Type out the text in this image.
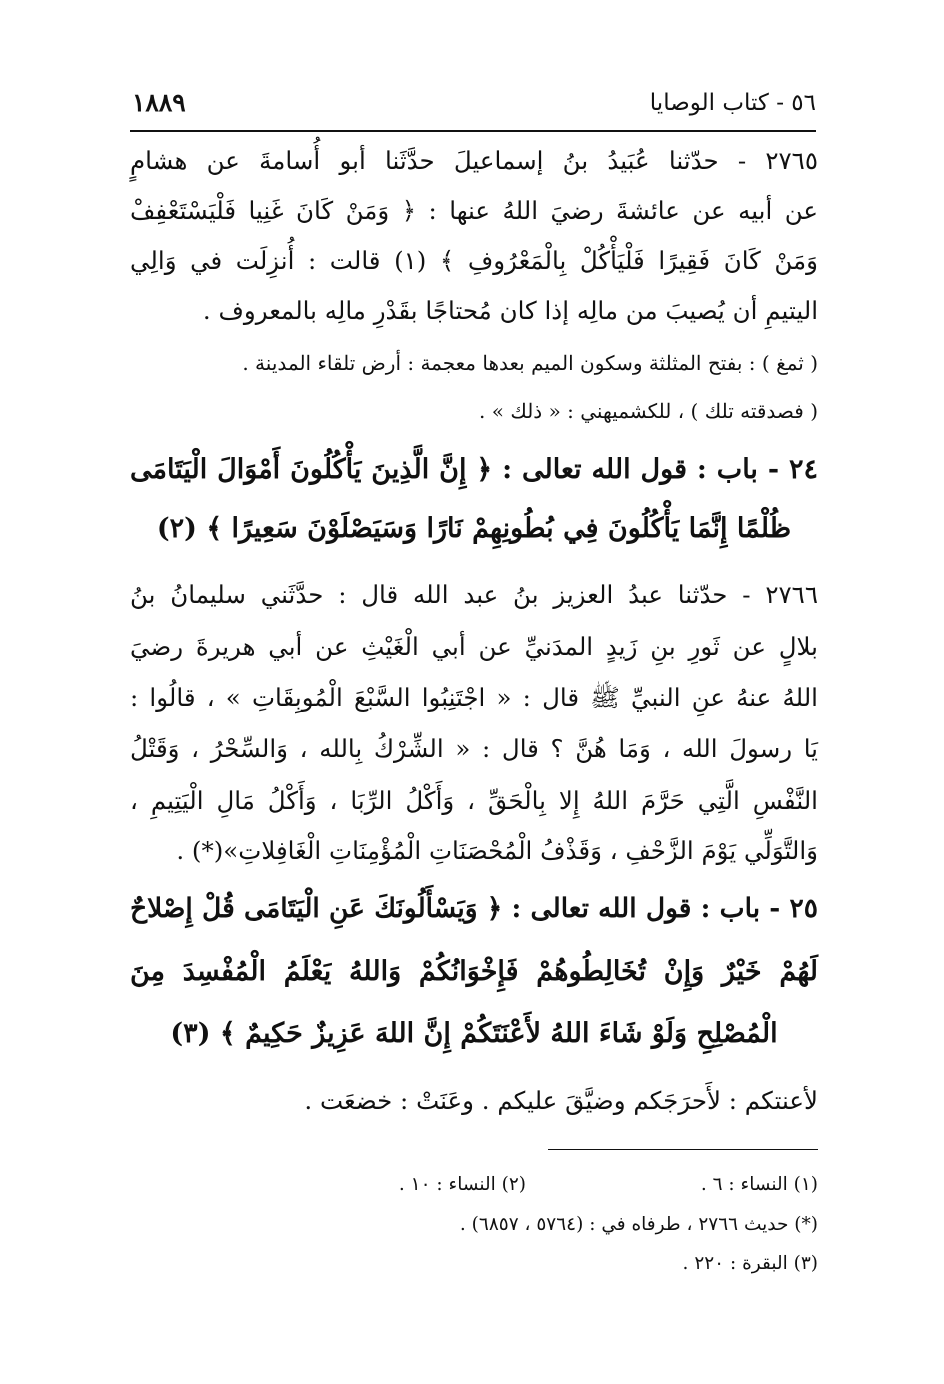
٥٦ - كتاب الوصايا
١٨٨٩
٢٧٦٥ - حدّثنا عُبَيدُ بنُ إسماعيلَ حدَّثَنا أبو أُسامةَ عن هشامٍ
عن أبيه عن عائشةَ رضيَ اللهُ عنها : ﴿ وَمَنْ كَانَ غَنِيا فَلْيَسْتَعْفِفْ
وَمَنْ كَانَ فَقِيرًا فَلْيَأْكُلْ بِالْمَعْرُوفِ ﴾ (١) قالت : أُنزِلَت في وَالِي
اليتيمِ أن يُصيبَ من مالِه إذا كان مُحتاجًا بقَدْرِ مالِه بالمعروف .
( ثمغ ) : بفتح المثلثة وسكون الميم بعدها معجمة : أرض تلقاء المدينة .
( فصدقته تلك ) ، للكشميهني : « ذلك » .
٢٤ - باب : قول الله تعالى : ﴿ إِنَّ الَّذِينَ يَأْكُلُونَ أَمْوَالَ الْيَتَامَى
ظُلْمًا إِنَّمَا يَأْكُلُونَ فِي بُطُونِهِمْ نَارًا وَسَيَصْلَوْنَ سَعِيرًا ﴾ (٢)
٢٧٦٦ - حدّثنا عبدُ العزيز بنُ عبد الله قال : حدَّثَني سليمانُ بنُ
بلالٍ عن ثَورِ بنِ زَيدٍ المدَنيِّ عن أبي الْغَيْثِ عن أبي هريرةَ رضيَ
اللهُ عنهُ عنِ النبيِّ ﷺ قال : « اجْتَنِبُوا السَّبْعَ الْمُوبِقَاتِ » ، قالُوا :
يَا رسولَ الله ، وَمَا هُنَّ ؟ قال : « الشِّرْكُ بِالله ، وَالسِّحْرُ ، وَقَتْلُ
النَّفْسِ الَّتِي حَرَّمَ اللهُ إِلا بِالْحَقِّ ، وَأَكْلُ الرِّبَا ، وَأَكْلُ مَالِ الْيَتِيمِ ،
وَالتَّوَلِّي يَوْمَ الزَّحْفِ ، وَقَذْفُ الْمُحْصَنَاتِ الْمُؤْمِنَاتِ الْغَافِلاتِ»(*) .
٢٥ - باب : قول الله تعالى : ﴿ وَيَسْأَلُونَكَ عَنِ الْيَتَامَى قُلْ إِصْلاحٌ
لَهُمْ خَيْرٌ وَإِنْ تُخَالِطُوهُمْ فَإِخْوَانُكُمْ وَاللهُ يَعْلَمُ الْمُفْسِدَ مِنَ
الْمُصْلِحِ وَلَوْ شَاءَ اللهُ لأَعْنَتَكُمْ إِنَّ اللهَ عَزِيزٌ حَكِيمٌ ﴾ (٣)
لأعنتكم : لأَحرَجَكم وضيَّقَ عليكم . وعَنَتْ : خضعَت .
(١) النساء : ٦ .
(٢) النساء : ١٠ .
(*) حديث ٢٧٦٦ ، طرفاه في : (٥٧٦٤ ، ٦٨٥٧) .
(٣) البقرة : ٢٢٠ .
